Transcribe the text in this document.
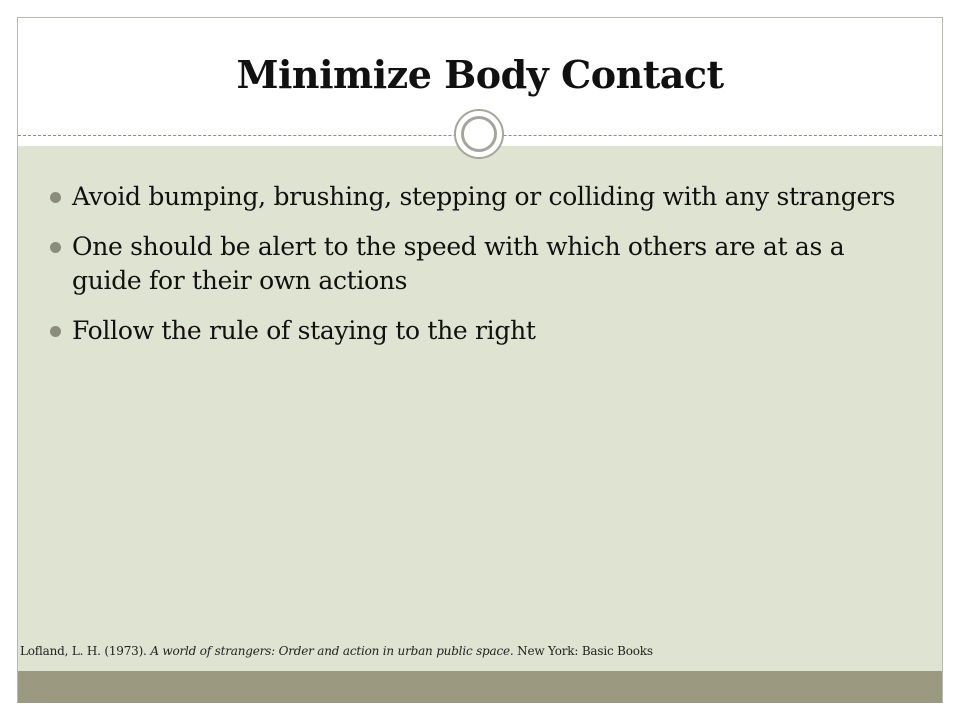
Minimize Body Contact
Avoid bumping, brushing, stepping or colliding with any strangers
One should be alert to the speed with which others are at as a guide for their own actions
Follow the rule of staying to the right
Lofland, L. H. (1973). A world of strangers: Order and action in urban public space. New York: Basic Books
